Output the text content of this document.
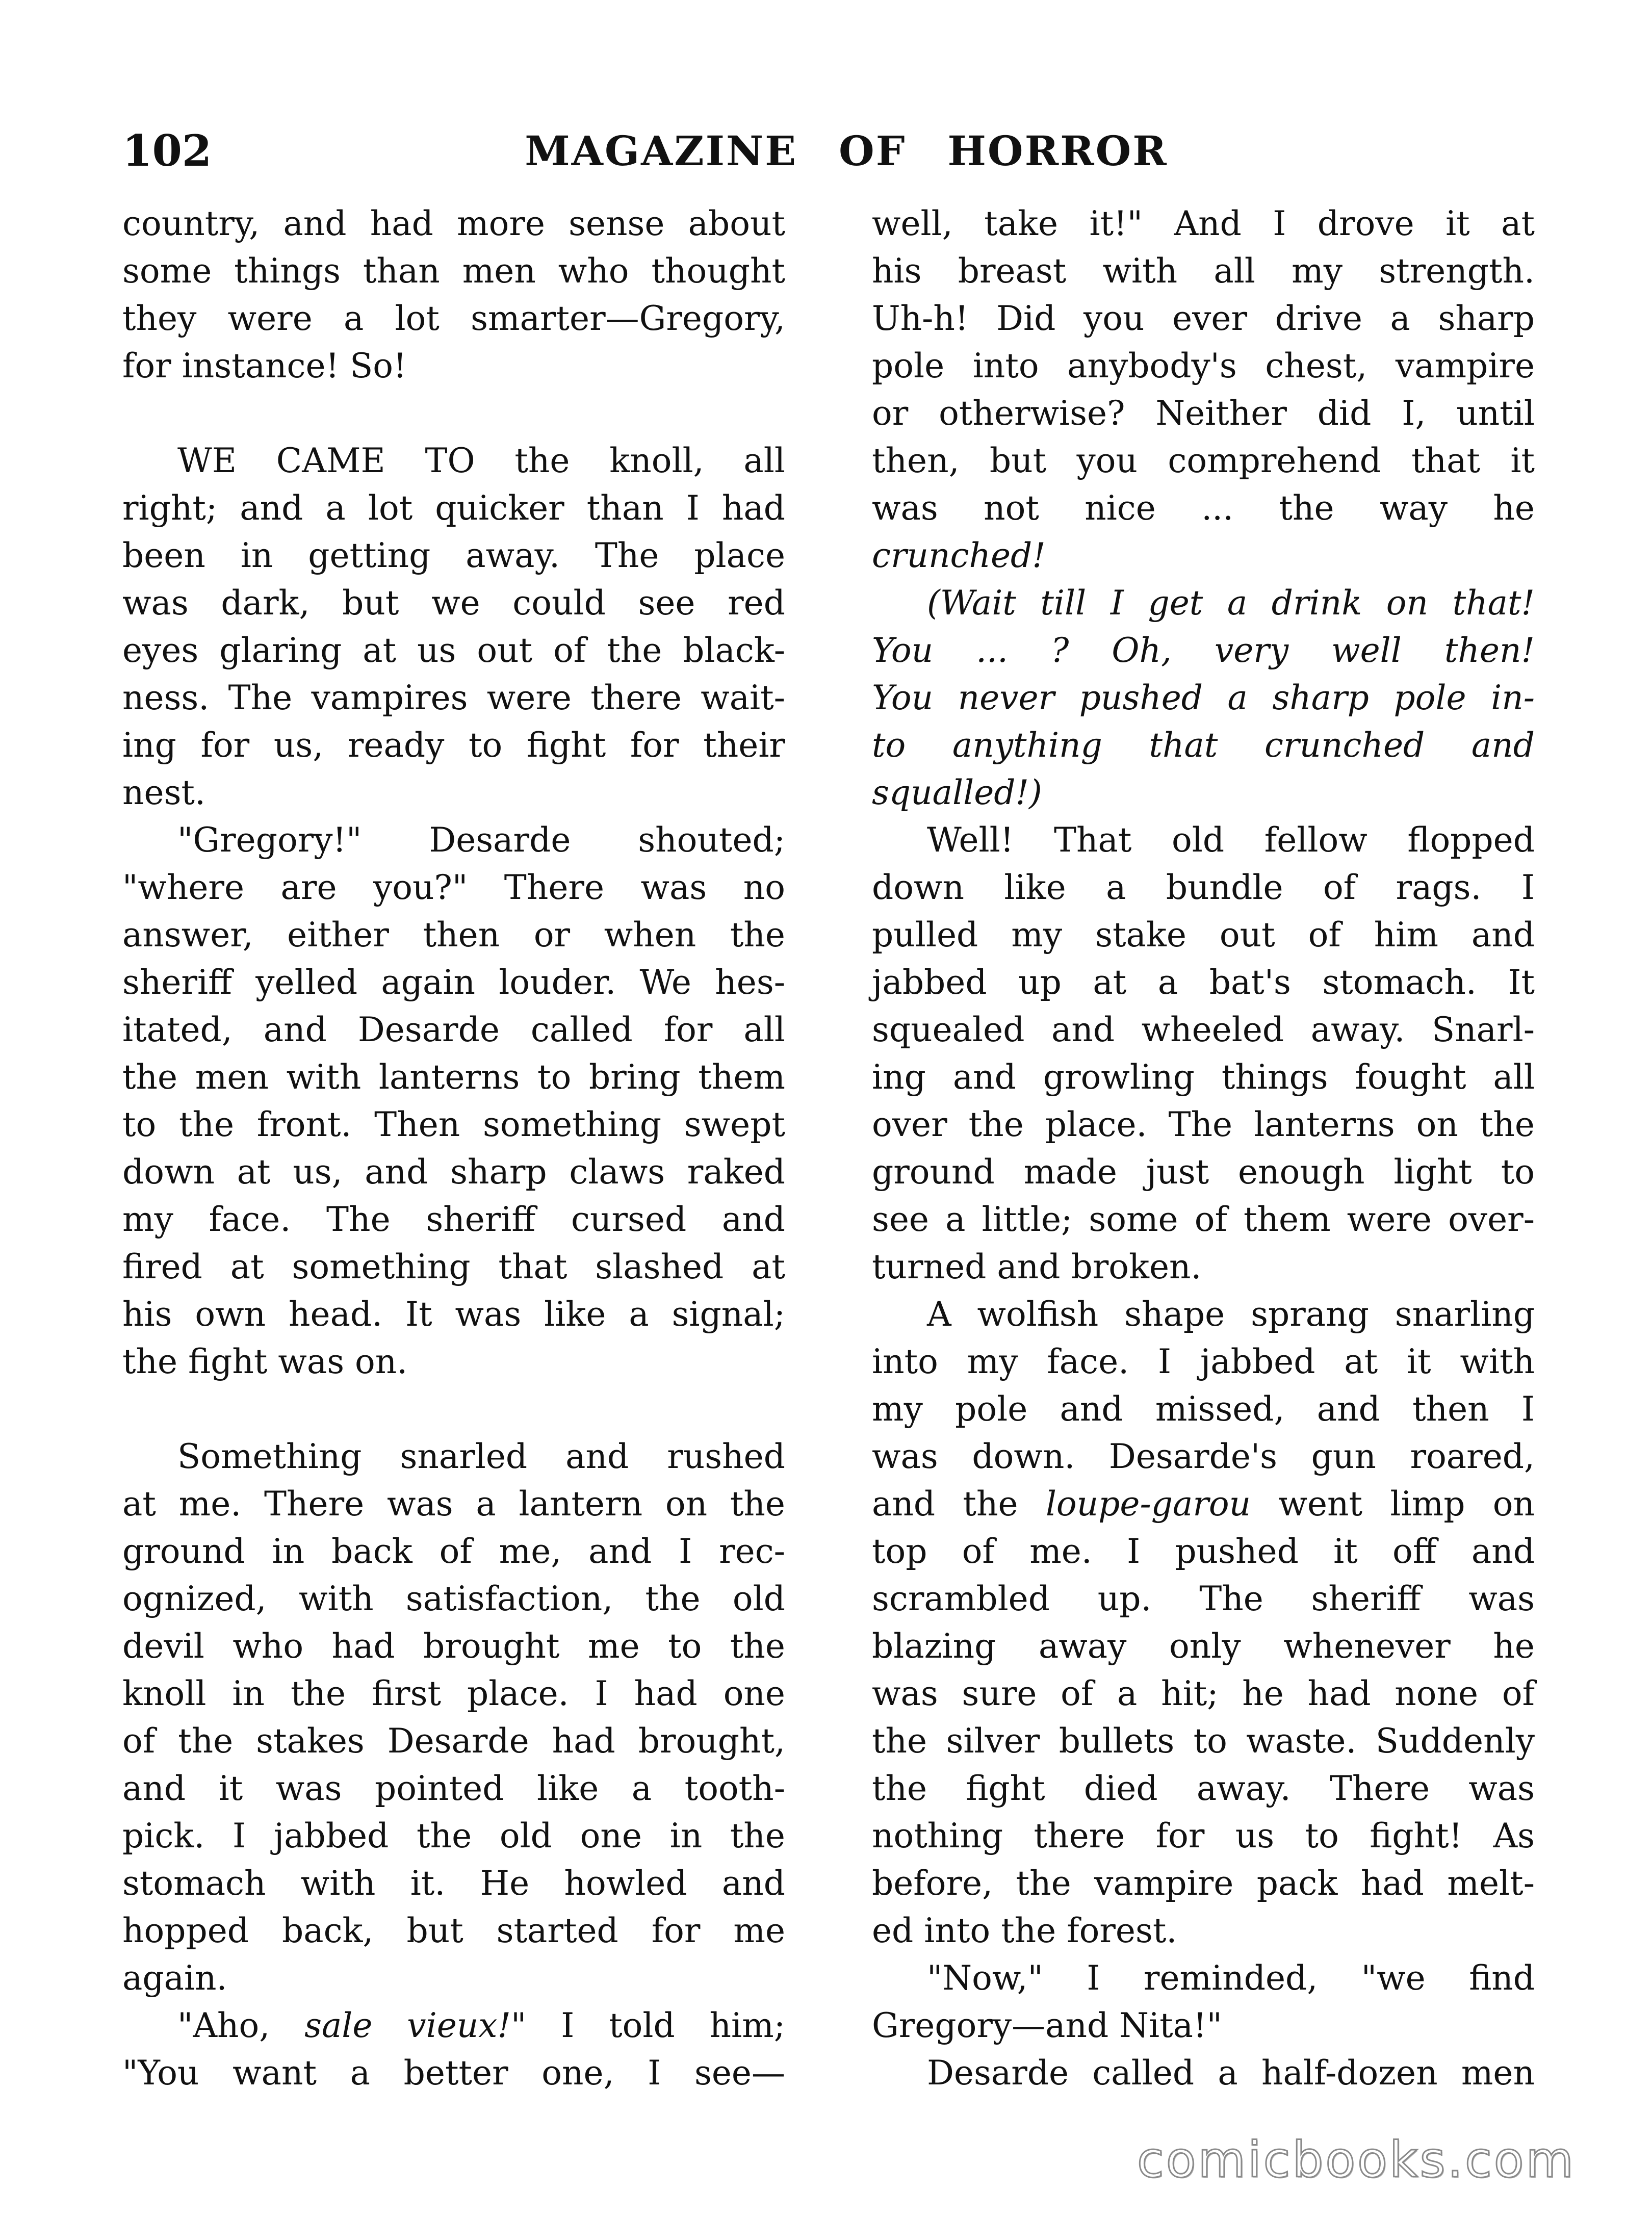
102	MAGAZINE OF HORROR
country, and had more sense about
some things than men who thought
they were a lot smarter—Gregory,
for instance! So!
WE CAME TO the knoll, all
right; and a lot quicker than I had
been in getting away. The place
was dark, but we could see red
eyes glaring at us out of the black-
ness. The vampires were there wait-
ing for us, ready to fight for their
nest.
"Gregory!" Desarde shouted;
"where are you?" There was no
answer, either then or when the
sheriff yelled again louder. We hes-
itated, and Desarde called for all
the men with lanterns to bring them
to the front. Then something swept
down at us, and sharp claws raked
my face. The sheriff cursed and
fired at something that slashed at
his own head. It was like a signal;
the fight was on.
Something snarled and rushed
at me. There was a lantern on the
ground in back of me, and I rec-
ognized, with satisfaction, the old
devil who had brought me to the
knoll in the first place. I had one
of the stakes Desarde had brought,
and it was pointed like a tooth-
pick. I jabbed the old one in the
stomach with it. He howled and
hopped back, but started for me
again.
"Aho, sale vieux!" I told him;
"You want a better one, I see—
well, take it!" And I drove it at
his breast with all my strength.
Uh-h! Did you ever drive a sharp
pole into anybody's chest, vampire
or otherwise? Neither did I, until
then, but you comprehend that it
was not nice ... the way he
crunched!
(Wait till I get a drink on that!
You ... ? Oh, very well then!
You never pushed a sharp pole in-
to anything that crunched and
squalled!)
Well! That old fellow flopped
down like a bundle of rags. I
pulled my stake out of him and
jabbed up at a bat's stomach. It
squealed and wheeled away. Snarl-
ing and growling things fought all
over the place. The lanterns on the
ground made just enough light to
see a little; some of them were over-
turned and broken.
A wolfish shape sprang snarling
into my face. I jabbed at it with
my pole and missed, and then I
was down. Desarde's gun roared,
and the loupe-garou went limp on
top of me. I pushed it off and
scrambled up. The sheriff was
blazing away only whenever he
was sure of a hit; he had none of
the silver bullets to waste. Suddenly
the fight died away. There was
nothing there for us to fight! As
before, the vampire pack had melt-
ed into the forest.
"Now," I reminded, "we find
Gregory—and Nita!"
Desarde called a half-dozen men
comicbooks.com
